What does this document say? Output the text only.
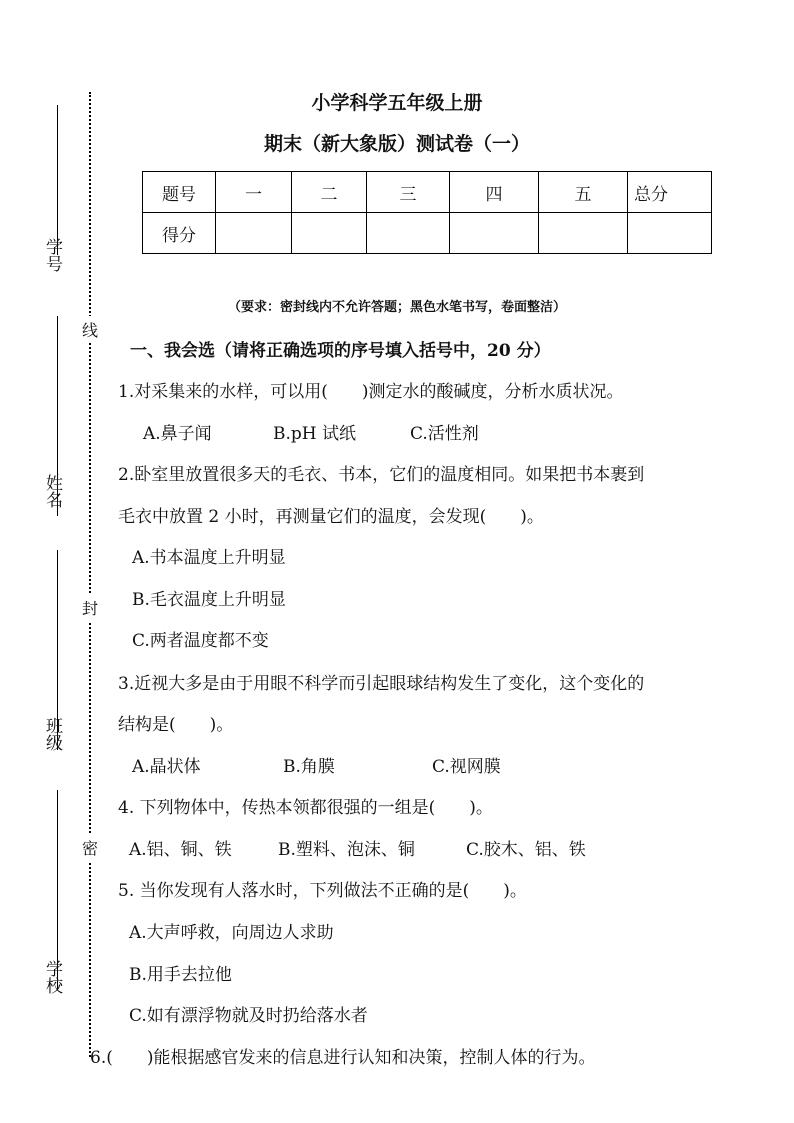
学号
姓名
班级
学校
线
封
密
小学科学五年级上册
期末（新大象版）测试卷（一）
题号	一	二	三	四	五	总分
得分						
（要求：密封线内不允许答题；黑色水笔书写，卷面整洁）
一、我会选（请将正确选项的序号填入括号中，20 分）
1.对采集来的水样，可以用(　　)测定水的酸碱度，分析水质状况。
A.鼻子闻	B.pH 试纸	C.活性剂
2.卧室里放置很多天的毛衣、书本，它们的温度相同。如果把书本裹到
毛衣中放置 2 小时，再测量它们的温度，会发现(　　)。
A.书本温度上升明显
B.毛衣温度上升明显
C.两者温度都不变
3.近视大多是由于用眼不科学而引起眼球结构发生了变化，这个变化的
结构是(　　)。
A.晶状体	B.角膜	C.视网膜
4. 下列物体中，传热本领都很强的一组是(　　)。
A.铝、铜、铁	B.塑料、泡沫、铜	C.胶木、铝、铁
5. 当你发现有人落水时，下列做法不正确的是(　　)。
A.大声呼救，向周边人求助
B.用手去拉他
C.如有漂浮物就及时扔给落水者
6.(　　)能根据感官发来的信息进行认知和决策，控制人体的行为。
